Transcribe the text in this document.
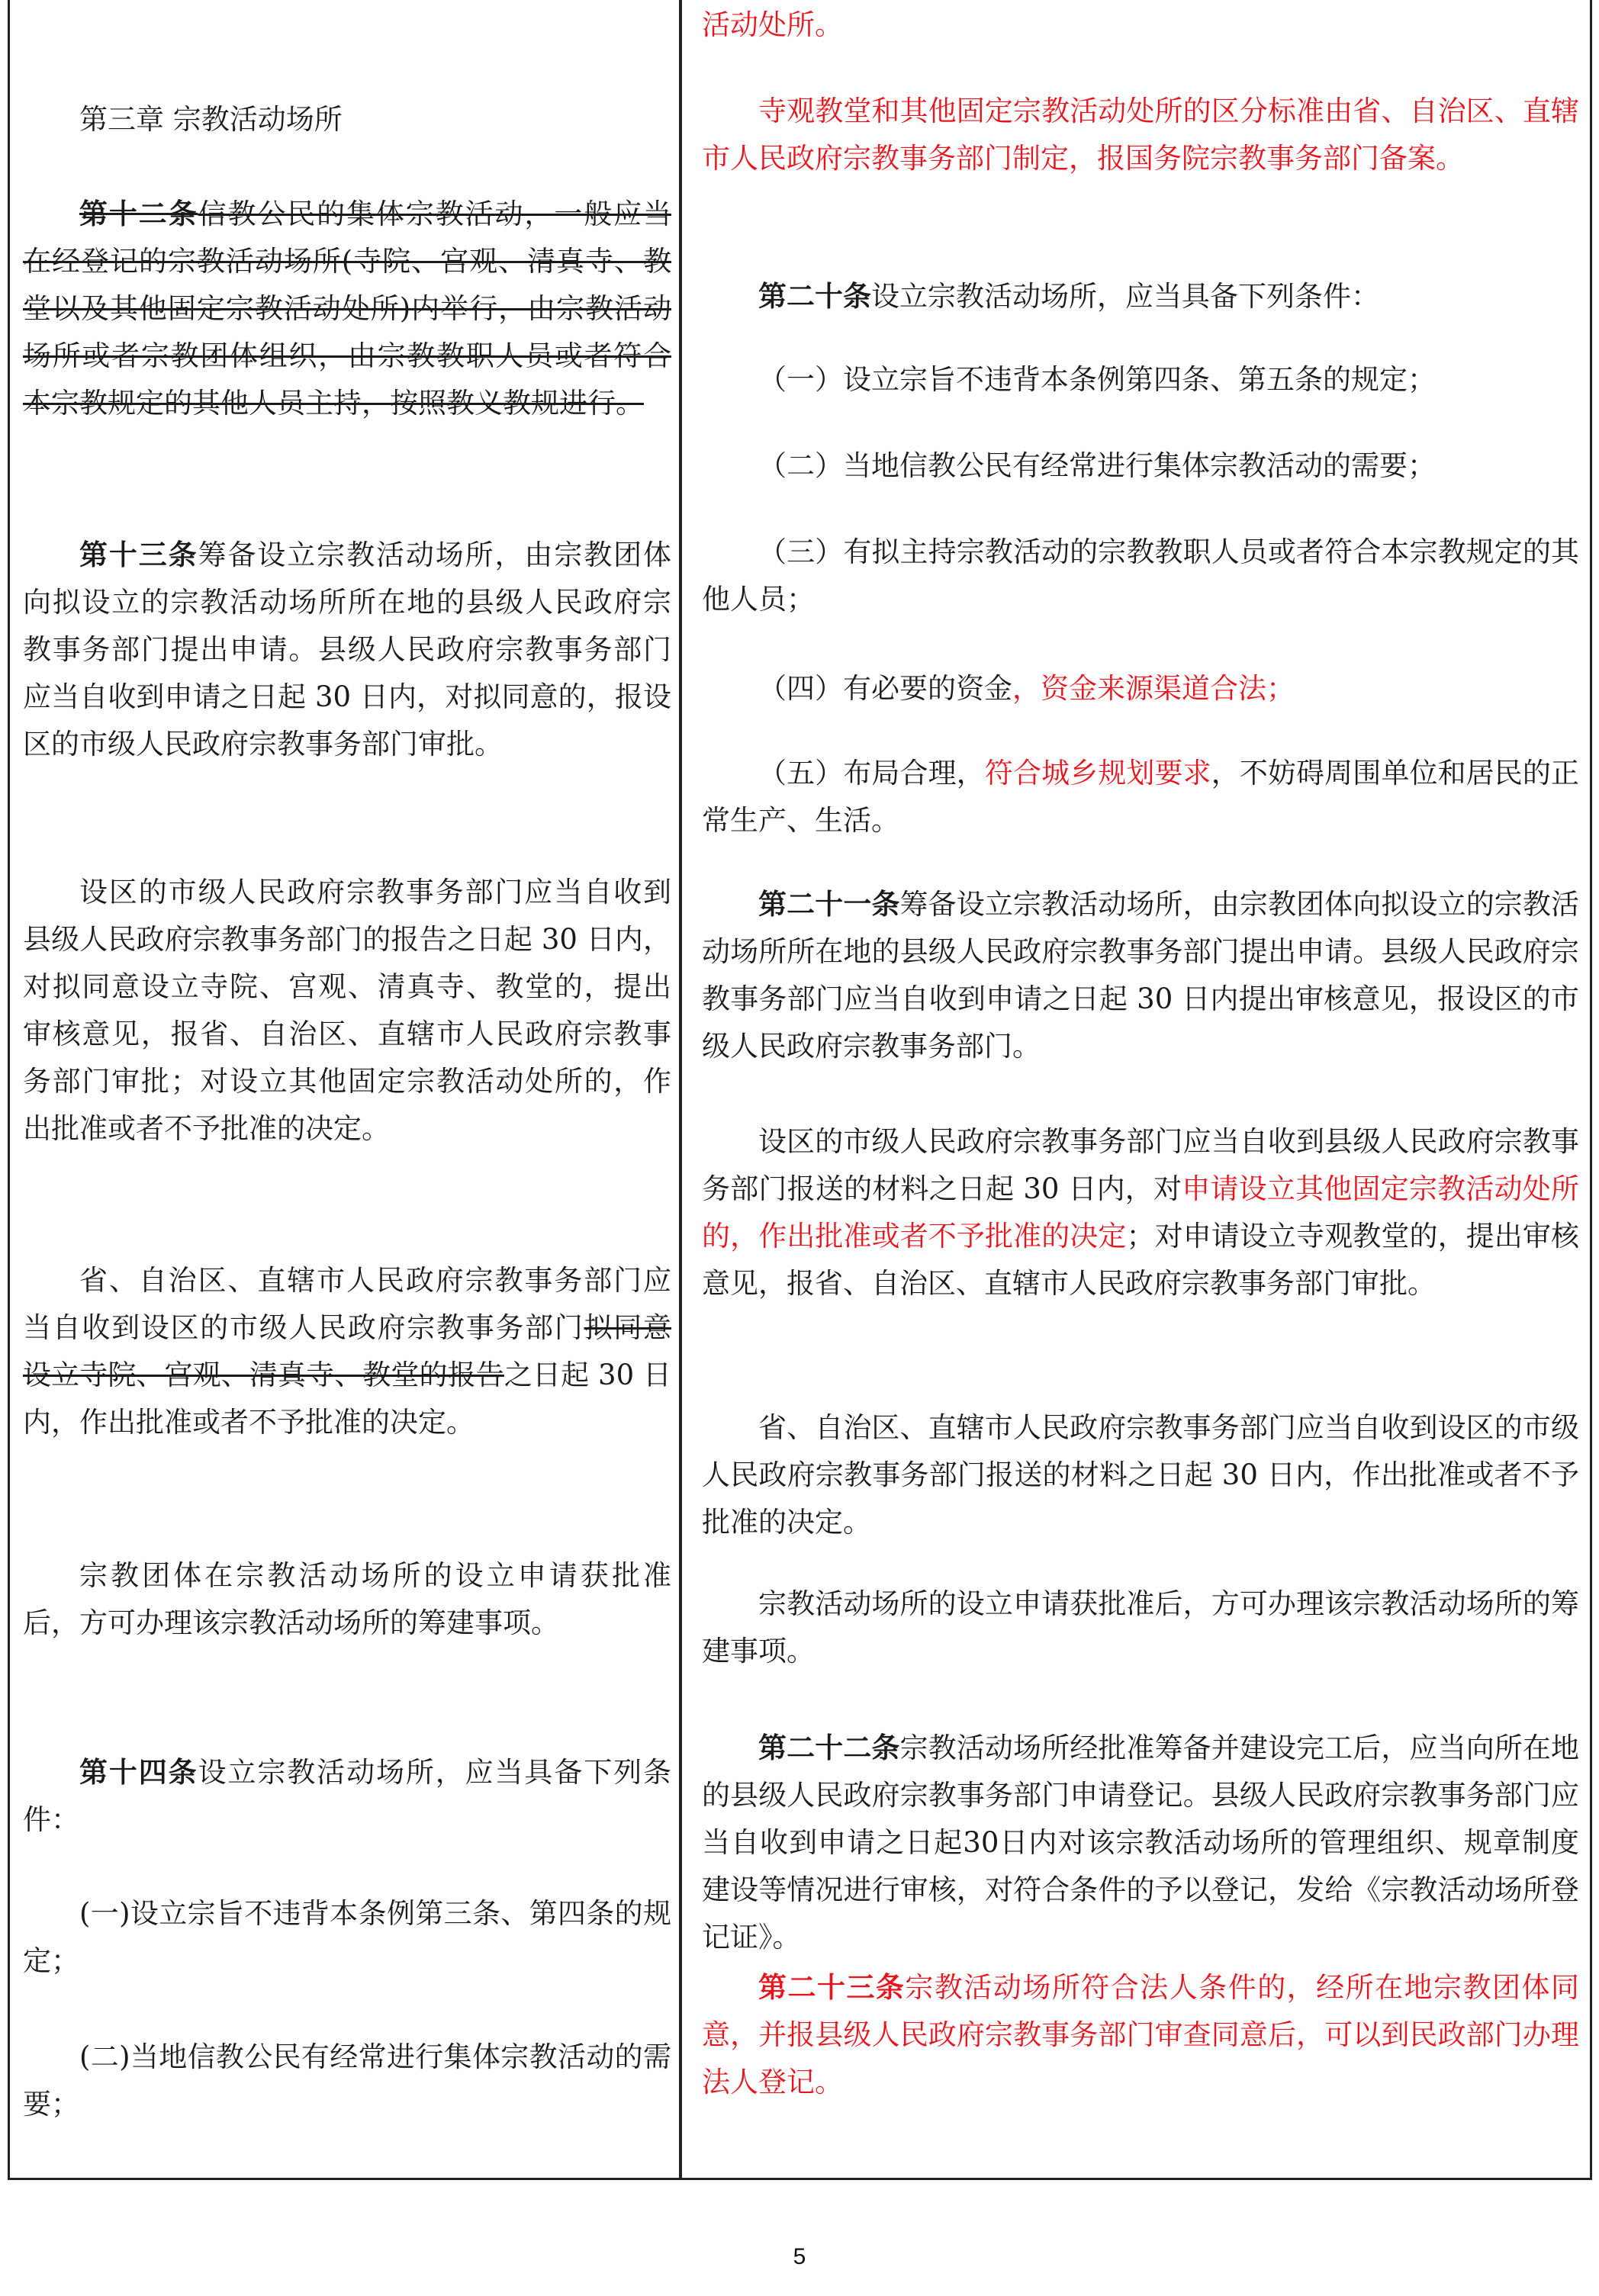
第三章 宗教活动场所

第十二条信教公民的集体宗教活动，一般应当在经登记的宗教活动场所(寺院、宫观、清真寺、教堂以及其他固定宗教活动处所)内举行，由宗教活动场所或者宗教团体组织，由宗教教职人员或者符合本宗教规定的其他人员主持，按照教义教规进行。

第十三条筹备设立宗教活动场所，由宗教团体向拟设立的宗教活动场所所在地的县级人民政府宗教事务部门提出申请。县级人民政府宗教事务部门应当自收到申请之日起 30 日内，对拟同意的，报设区的市级人民政府宗教事务部门审批。

设区的市级人民政府宗教事务部门应当自收到县级人民政府宗教事务部门的报告之日起 30 日内，对拟同意设立寺院、宫观、清真寺、教堂的，提出审核意见，报省、自治区、直辖市人民政府宗教事务部门审批；对设立其他固定宗教活动处所的，作出批准或者不予批准的决定。

省、自治区、直辖市人民政府宗教事务部门应当自收到设区的市级人民政府宗教事务部门拟同意设立寺院、宫观、清真寺、教堂的报告之日起 30 日内，作出批准或者不予批准的决定。

宗教团体在宗教活动场所的设立申请获批准后，方可办理该宗教活动场所的筹建事项。

第十四条设立宗教活动场所，应当具备下列条件：

(一)设立宗旨不违背本条例第三条、第四条的规定；

(二)当地信教公民有经常进行集体宗教活动的需要；

活动处所。

寺观教堂和其他固定宗教活动处所的区分标准由省、自治区、直辖市人民政府宗教事务部门制定，报国务院宗教事务部门备案。

第二十条设立宗教活动场所，应当具备下列条件：

（一）设立宗旨不违背本条例第四条、第五条的规定；

（二）当地信教公民有经常进行集体宗教活动的需要；

（三）有拟主持宗教活动的宗教教职人员或者符合本宗教规定的其他人员；

（四）有必要的资金，资金来源渠道合法；

（五）布局合理，符合城乡规划要求，不妨碍周围单位和居民的正常生产、生活。

第二十一条筹备设立宗教活动场所，由宗教团体向拟设立的宗教活动场所所在地的县级人民政府宗教事务部门提出申请。县级人民政府宗教事务部门应当自收到申请之日起 30 日内提出审核意见，报设区的市级人民政府宗教事务部门。

设区的市级人民政府宗教事务部门应当自收到县级人民政府宗教事务部门报送的材料之日起 30 日内，对申请设立其他固定宗教活动处所的，作出批准或者不予批准的决定；对申请设立寺观教堂的，提出审核意见，报省、自治区、直辖市人民政府宗教事务部门审批。

省、自治区、直辖市人民政府宗教事务部门应当自收到设区的市级人民政府宗教事务部门报送的材料之日起 30 日内，作出批准或者不予批准的决定。

宗教活动场所的设立申请获批准后，方可办理该宗教活动场所的筹建事项。

第二十二条宗教活动场所经批准筹备并建设完工后，应当向所在地的县级人民政府宗教事务部门申请登记。县级人民政府宗教事务部门应当自收到申请之日起30日内对该宗教活动场所的管理组织、规章制度建设等情况进行审核，对符合条件的予以登记，发给《宗教活动场所登记证》。

第二十三条宗教活动场所符合法人条件的，经所在地宗教团体同意，并报县级人民政府宗教事务部门审查同意后，可以到民政部门办理法人登记。

5
